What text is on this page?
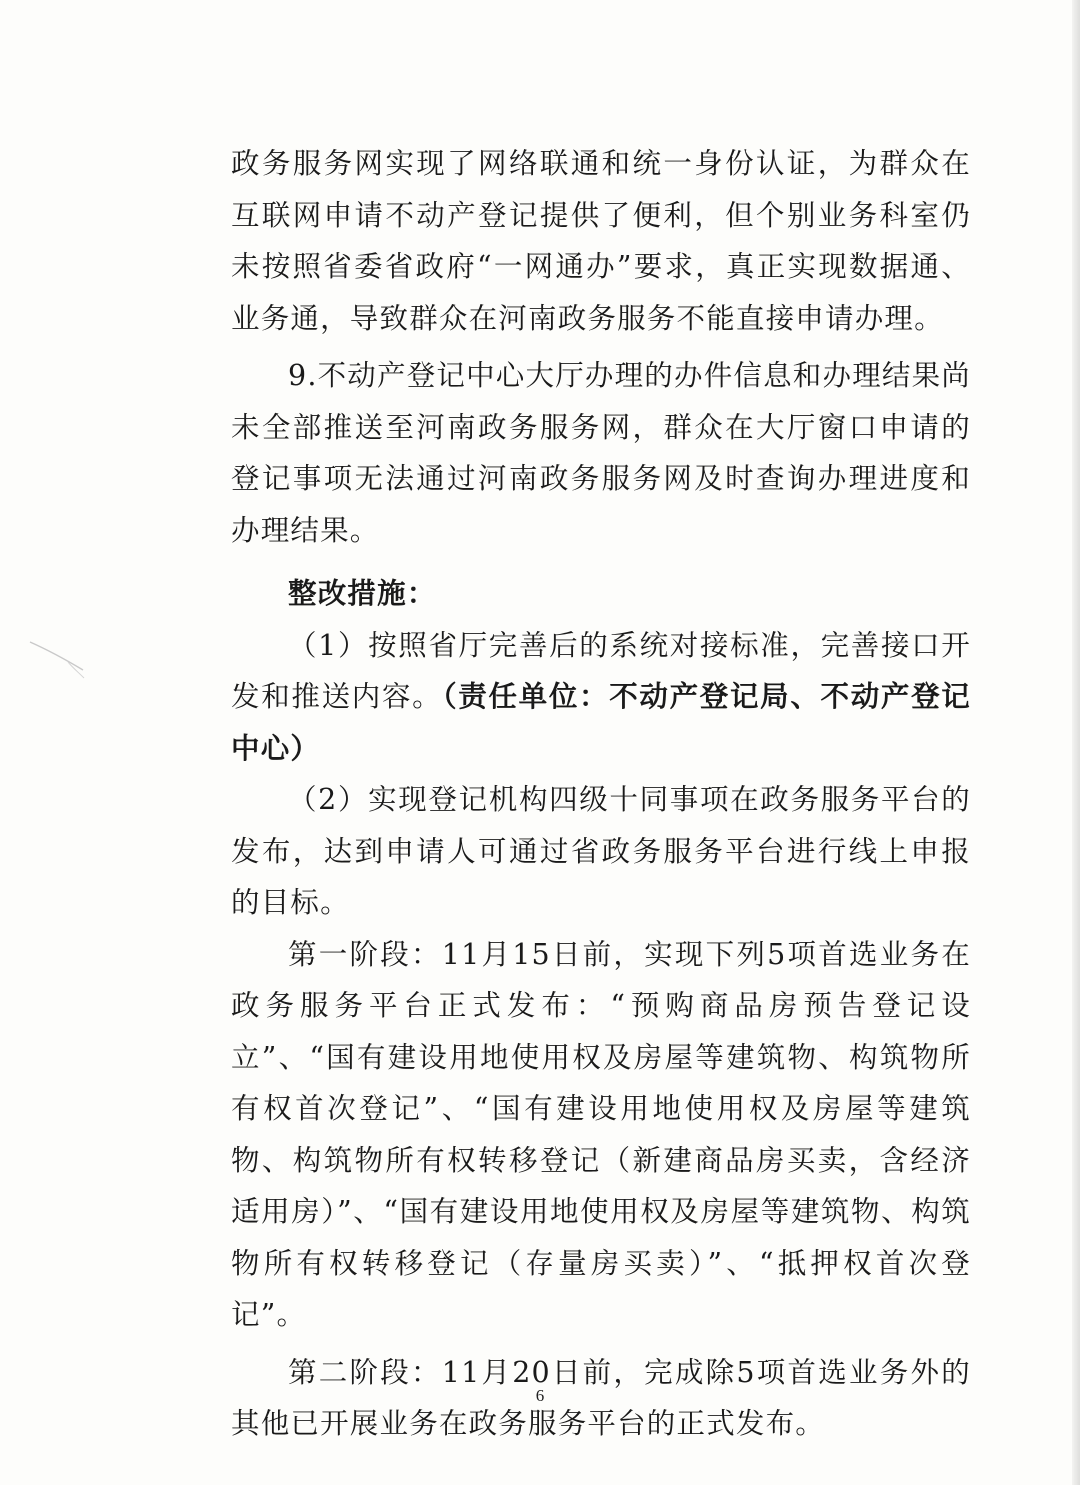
政务服务网实现了网络联通和统一身份认证，为群众在互联网申请不动产登记提供了便利，但个别业务科室仍未按照省委省政府“一网通办”要求，真正实现数据通、业务通，导致群众在河南政务服务不能直接申请办理。

9.不动产登记中心大厅办理的办件信息和办理结果尚未全部推送至河南政务服务网，群众在大厅窗口申请的登记事项无法通过河南政务服务网及时查询办理进度和办理结果。

整改措施：

（1）按照省厅完善后的系统对接标准，完善接口开发和推送内容。（责任单位：不动产登记局、不动产登记中心）

（2）实现登记机构四级十同事项在政务服务平台的发布，达到申请人可通过省政务服务平台进行线上申报的目标。

第一阶段：11月15日前，实现下列5项首选业务在政务服务平台正式发布：“预购商品房预告登记设立”、“国有建设用地使用权及房屋等建筑物、构筑物所有权首次登记”、“国有建设用地使用权及房屋等建筑物、构筑物所有权转移登记（新建商品房买卖，含经济适用房）”、“国有建设用地使用权及房屋等建筑物、构筑物所有权转移登记（存量房买卖）”、“抵押权首次登记”。

第二阶段：11月20日前，完成除5项首选业务外的其他已开展业务在政务服务平台的正式发布。

6
